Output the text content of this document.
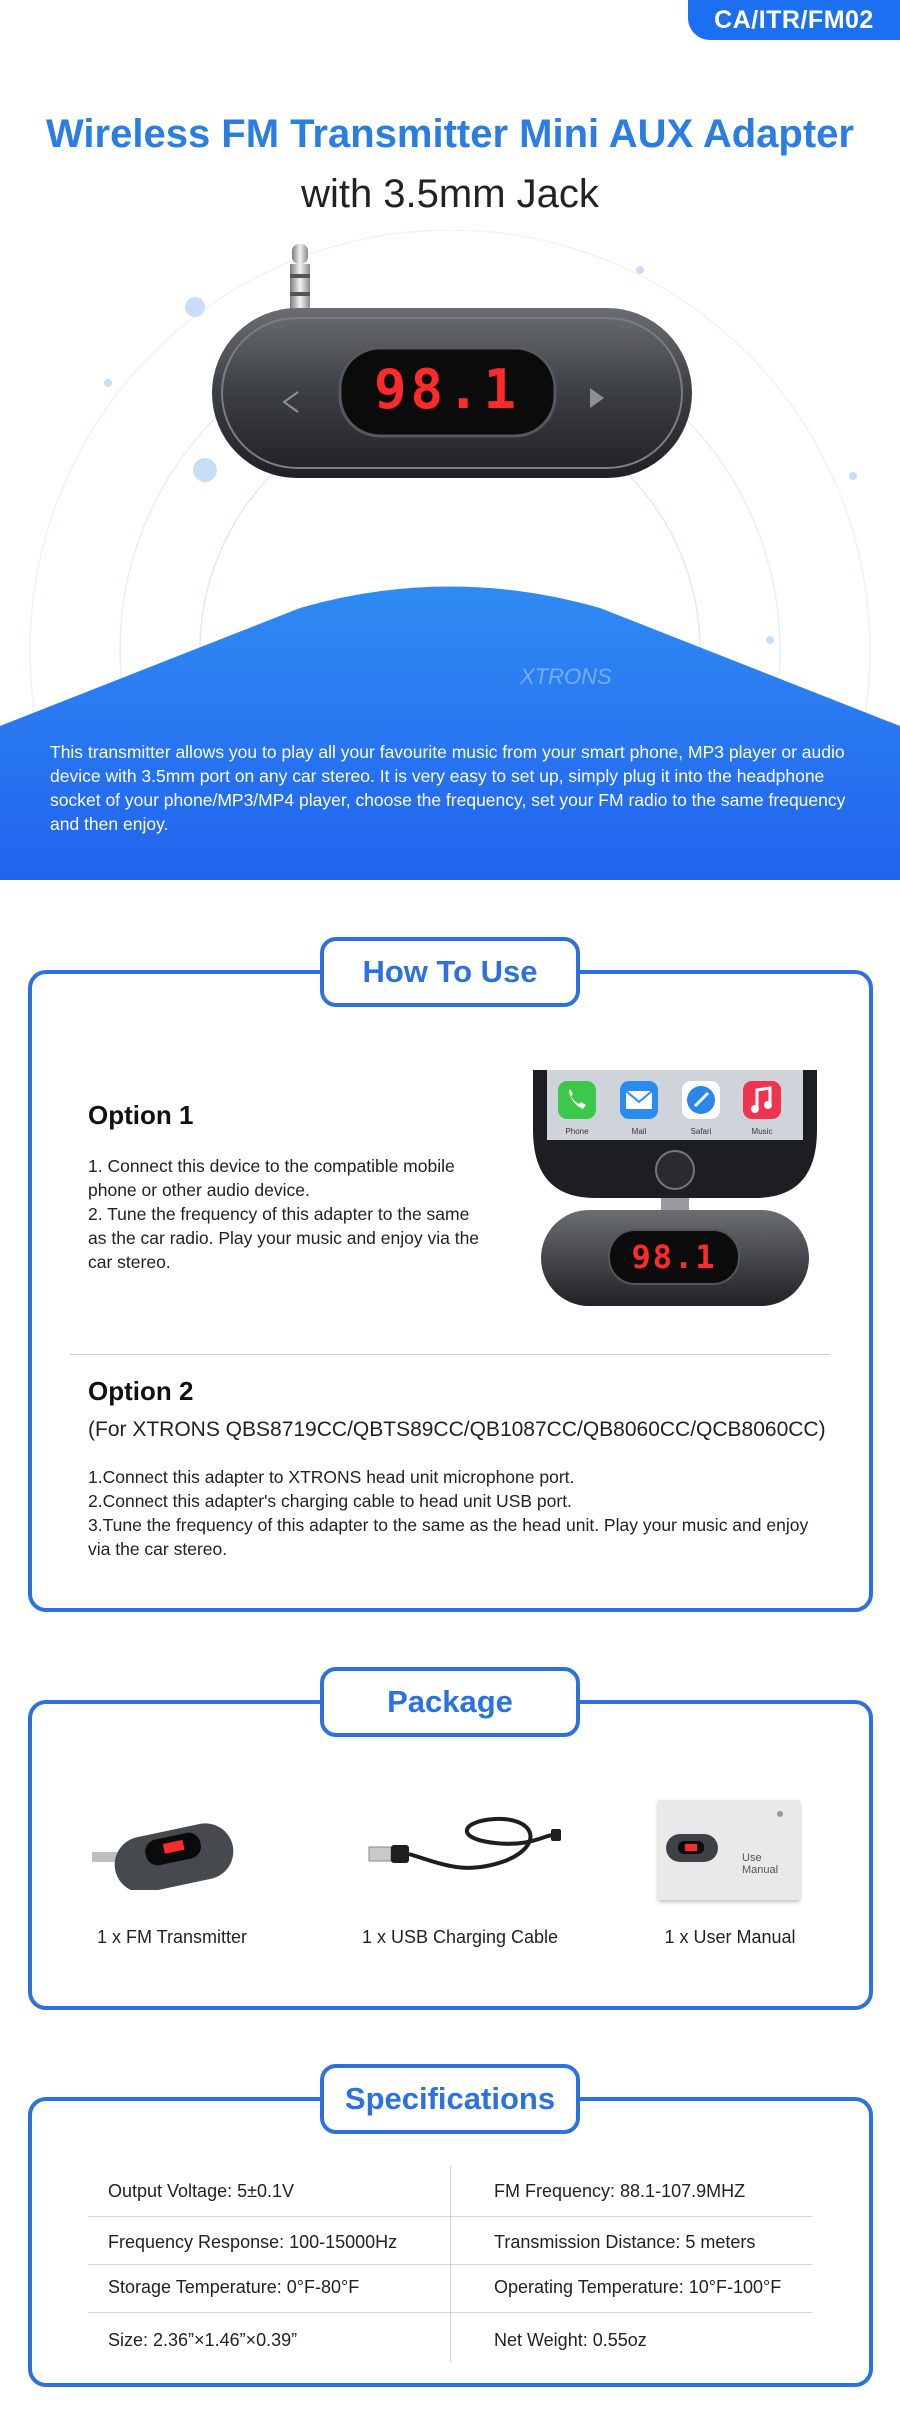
CA/ITR/FM02
Wireless FM Transmitter Mini AUX Adapter
with 3.5mm Jack
98.1
XTRONS
This transmitter allows you to play all your favourite music from your smart phone, MP3 player or audio device with 3.5mm port on any car stereo. It is very easy to set up, simply plug it into the headphone socket of your phone/MP3/MP4 player, choose the frequency, set your FM radio to the same frequency and then enjoy.
How To Use
Option 1
1. Connect this device to the compatible mobile phone or other audio device.
2. Tune the frequency of this adapter to the same as the car radio. Play your music and enjoy via the car stereo.
Phone	Mail	Safari	Music
98.1
Option 2
(For XTRONS QBS8719CC/QBTS89CC/QB1087CC/QB8060CC/QCB8060CC)
1.Connect this adapter to XTRONS head unit microphone port.
2.Connect this adapter's charging cable to head unit USB port.
3.Tune the frequency of this adapter to the same as the head unit. Play your music and enjoy via the car stereo.
Package
1 x FM Transmitter	1 x USB Charging Cable
Use Manual
1 x User Manual
Specifications
Output Voltage: 5±0.1V	FM Frequency: 88.1-107.9MHZ
Frequency Response: 100-15000Hz	Transmission Distance: 5 meters
Storage Temperature: 0°F-80°F	Operating Temperature: 10°F-100°F
Size: 2.36”×1.46”×0.39”	Net Weight: 0.55oz
